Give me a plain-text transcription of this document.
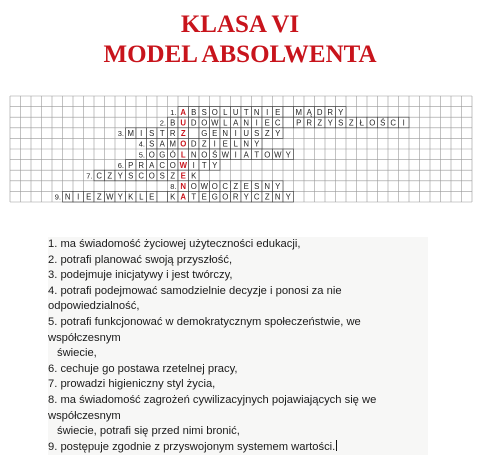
KLASA VI
MODEL ABSOLWENTA
1. A B S O L U T N I E M Ą D R Y
2. B U D O W L A N I E C P R Z Y S Z Ł O Ś C I
3. M I S T R Z G E N I U S Z Y
4. S A M O D Z I E L N Y
5. O G Ó L N O Ś W I A T O W Y
6. P R A C O W I T Y
7. C Z Y S C O S Z E K
8. N O W O C Z E S N Y
9. N I E Z W Y K L E K A T E G O R Y C Z N Y
1. ma świadomość życiowej użyteczności edukacji,
2. potrafi planować swoją przyszłość,
3. podejmuje inicjatywy i jest twórczy,
4. potrafi podejmować samodzielnie decyzje i ponosi za nie odpowiedzialność,
5. potrafi funkcjonować w demokratycznym społeczeństwie, we współczesnym
świecie,
6. cechuje go postawa rzetelnej pracy,
7. prowadzi higieniczny styl życia,
8. ma świadomość zagrożeń cywilizacyjnych pojawiających się we współczesnym
świecie, potrafi się przed nimi bronić,
9. postępuje zgodnie z przyswojonym systemem wartości.
